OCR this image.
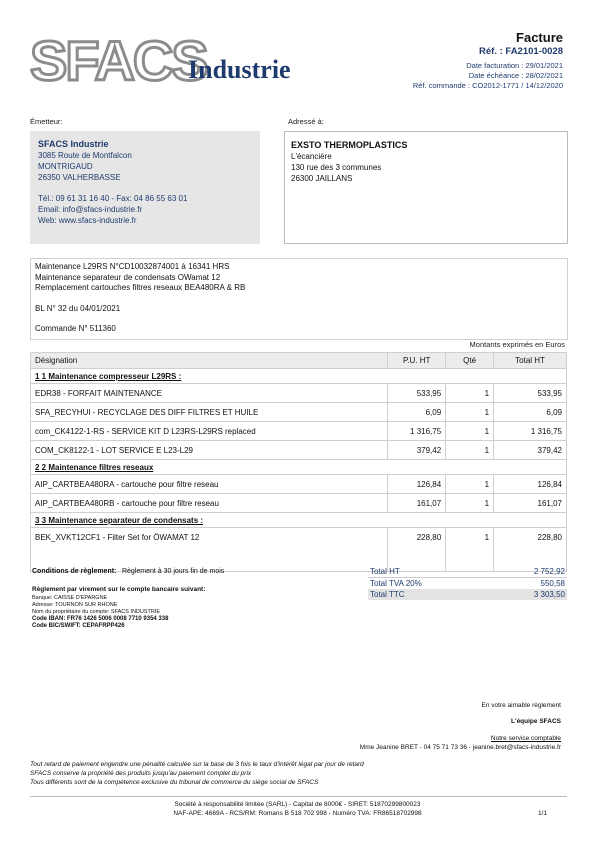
SFACS
Industrie
Facture
Réf. : FA2101-0028
Date facturation : 29/01/2021
Date échéance : 28/02/2021
Réf. commande : CO2012-1771 / 14/12/2020
Émetteur:
SFACS Industrie
3085 Route de Montfalcon
MONTRIGAUD
26350 VALHERBASSE
Tél.: 09 61 31 16 40 - Fax: 04 86 55 63 01
Email: info@sfacs-industrie.fr
Web: www.sfacs-industrie.fr
Adressé à:
EXSTO THERMOPLASTICS
L'écancière
130 rue des 3 communes
26300 JAILLANS
Maintenance L29RS N°CD10032874001 à 16341 HRS
Maintenance separateur de condensats OWamat 12
Remplacement cartouches filtres reseaux BEA480RA & RB
BL N° 32 du 04/01/2021
Commande N° 511360
Montants exprimés en Euros
Désignation	P.U. HT	Qté	Total HT
1 1 Maintenance compresseur L29RS :			
EDR38 - FORFAIT MAINTENANCE	533,95	1	533,95
SFA_RECYHUI - RECYCLAGE DES DIFF FILTRES ET HUILE	6,09	1	6,09
com_CK4122-1-RS - SERVICE KIT D L23RS-L29RS replaced	1 316,75	1	1 316,75
COM_CK8122-1 - LOT SERVICE E L23-L29	379,42	1	379,42
2 2 Maintenance filtres reseaux			
AIP_CARTBEA480RA - cartouche pour filtre reseau	126,84	1	126,84
AIP_CARTBEA480RB - cartouche pour filtre reseau	161,07	1	161,07
3 3 Maintenance separateur de condensats :			
BEK_XVKT12CF1 - Filter Set for ÖWAMAT 12	228,80	1	228,80
Conditions de règlement: Règlement à 30 jours fin de mois
Règlement par virement sur le compte bancaire suivant:
Banque: CAISSE D'EPARGNE
Adresse: TOURNON SUR RHONE
Nom du propriétaire du compte: SFACS INDUSTRIE
Code IBAN: FR76 1426 5006 0008 7710 9354 338
Code BIC/SWIFT: CEPAFRPP426
Total HT	2 752,92
Total TVA 20%	550,58
Total TTC	3 303,50
En votre aimable règlement
L'équipe SFACS
Notre service comptable
Mme Jeanine BRET - 04 75 71 73 36 - jeanine.bret@sfacs-industrie.fr
Tout retard de paiement engendre une pénalité calculée sur la base de 3 fois le taux d'intérêt légal par jour de retard
SFACS conserve la propriété des produits jusqu'au paiement complet du prix
Tous différents sont de la compétence exclusive du tribunal de commerce du siège social de SFACS
Société à responsabilité limitée (SARL) - Capital de 8000€ - SIRET: 51870299800023
NAF-APE: 4669A - RCS/RM: Romans B 518 702 998 - Numéro TVA: FR86518702998	1/1
